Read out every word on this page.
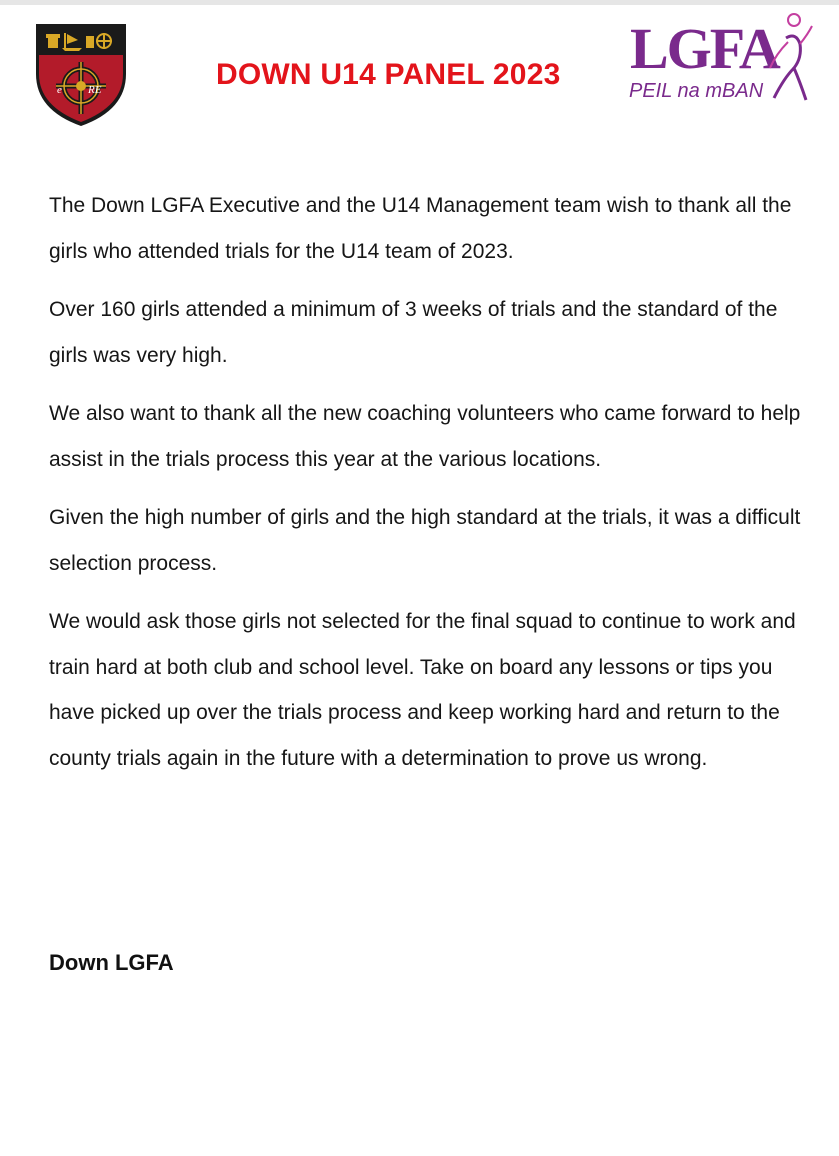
e RE	DOWN U14 PANEL 2023	LGFA
PEIL na mBAN

The Down LGFA Executive and the U14 Management team wish to thank all the girls who attended trials for the U14 team of 2023.

Over 160 girls attended a minimum of 3 weeks of trials and the standard of the girls was very high.

We also want to thank all the new coaching volunteers who came forward to help assist in the trials process this year at the various locations.

Given the high number of girls and the high standard at the trials, it was a difficult selection process.

We would ask those girls not selected for the final squad to continue to work and train hard at both club and school level. Take on board any lessons or tips you have picked up over the trials process and keep working hard and return to the county trials again in the future with a determination to prove us wrong.

Down LGFA
